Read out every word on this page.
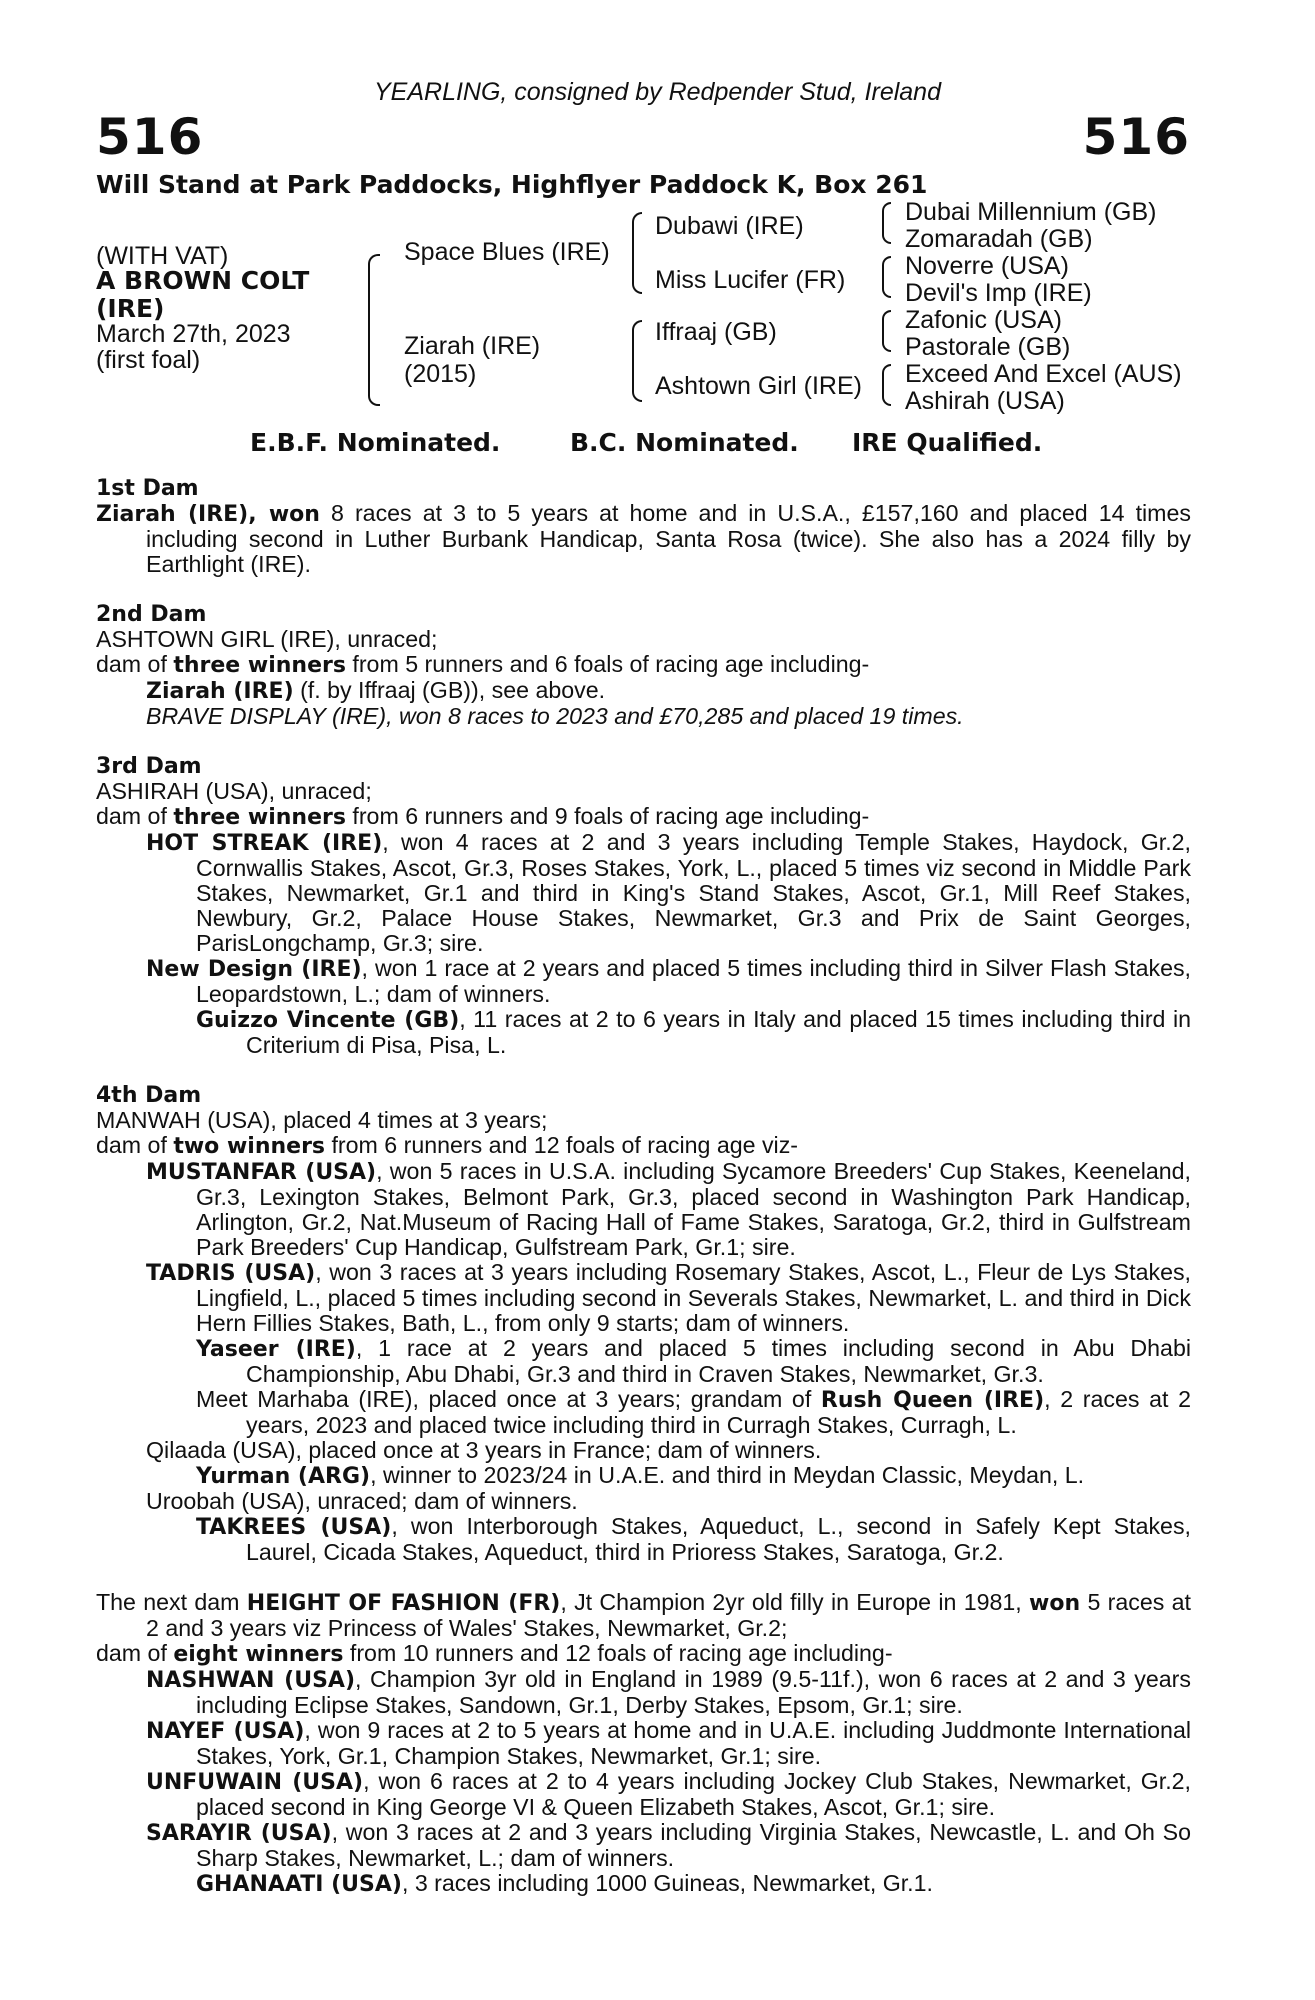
YEARLING, consigned by Redpender Stud, Ireland
516	516
Will Stand at Park Paddocks, Highflyer Paddock K, Box 261
(WITH VAT)
A BROWN COLT
(IRE)
March 27th, 2023
(first foal)
Space Blues (IRE)
Ziarah (IRE)
(2015)
Dubawi (IRE)
Miss Lucifer (FR)
Iffraaj (GB)
Ashtown Girl (IRE)
Dubai Millennium (GB)
Zomaradah (GB)
Noverre (USA)
Devil's Imp (IRE)
Zafonic (USA)
Pastorale (GB)
Exceed And Excel (AUS)
Ashirah (USA)
E.B.F. Nominated.	B.C. Nominated. IRE Qualified.
1st Dam

Ziarah (IRE), won 8 races at 3 to 5 years at home and in U.S.A., £157,160 and placed 14 times including second in Luther Burbank Handicap, Santa Rosa (twice). She also has a 2024 filly by Earthlight (IRE).

2nd Dam

ASHTOWN GIRL (IRE), unraced;

dam of three winners from 5 runners and 6 foals of racing age including-

Ziarah (IRE) (f. by Iffraaj (GB)), see above.

BRAVE DISPLAY (IRE), won 8 races to 2023 and £70,285 and placed 19 times.

3rd Dam

ASHIRAH (USA), unraced;

dam of three winners from 6 runners and 9 foals of racing age including-

HOT STREAK (IRE), won 4 races at 2 and 3 years including Temple Stakes, Haydock, Gr.2, Cornwallis Stakes, Ascot, Gr.3, Roses Stakes, York, L., placed 5 times viz second in Middle Park Stakes, Newmarket, Gr.1 and third in King's Stand Stakes, Ascot, Gr.1, Mill Reef Stakes, Newbury, Gr.2, Palace House Stakes, Newmarket, Gr.3 and Prix de Saint Georges, ParisLongchamp, Gr.3; sire.

New Design (IRE), won 1 race at 2 years and placed 5 times including third in Silver Flash Stakes, Leopardstown, L.; dam of winners.

Guizzo Vincente (GB), 11 races at 2 to 6 years in Italy and placed 15 times including third in Criterium di Pisa, Pisa, L.

4th Dam

MANWAH (USA), placed 4 times at 3 years;

dam of two winners from 6 runners and 12 foals of racing age viz-

MUSTANFAR (USA), won 5 races in U.S.A. including Sycamore Breeders' Cup Stakes, Keeneland, Gr.3, Lexington Stakes, Belmont Park, Gr.3, placed second in Washington Park Handicap, Arlington, Gr.2, Nat.Museum of Racing Hall of Fame Stakes, Saratoga, Gr.2, third in Gulfstream Park Breeders' Cup Handicap, Gulfstream Park, Gr.1; sire.

TADRIS (USA), won 3 races at 3 years including Rosemary Stakes, Ascot, L., Fleur de Lys Stakes, Lingfield, L., placed 5 times including second in Severals Stakes, Newmarket, L. and third in Dick Hern Fillies Stakes, Bath, L., from only 9 starts; dam of winners.

Yaseer (IRE), 1 race at 2 years and placed 5 times including second in Abu Dhabi Championship, Abu Dhabi, Gr.3 and third in Craven Stakes, Newmarket, Gr.3.

Meet Marhaba (IRE), placed once at 3 years; grandam of Rush Queen (IRE), 2 races at 2 years, 2023 and placed twice including third in Curragh Stakes, Curragh, L.

Qilaada (USA), placed once at 3 years in France; dam of winners.

Yurman (ARG), winner to 2023/24 in U.A.E. and third in Meydan Classic, Meydan, L.

Uroobah (USA), unraced; dam of winners.

TAKREES (USA), won Interborough Stakes, Aqueduct, L., second in Safely Kept Stakes, Laurel, Cicada Stakes, Aqueduct, third in Prioress Stakes, Saratoga, Gr.2.

The next dam HEIGHT OF FASHION (FR), Jt Champion 2yr old filly in Europe in 1981, won 5 races at 2 and 3 years viz Princess of Wales' Stakes, Newmarket, Gr.2;

dam of eight winners from 10 runners and 12 foals of racing age including-

NASHWAN (USA), Champion 3yr old in England in 1989 (9.5-11f.), won 6 races at 2 and 3 years including Eclipse Stakes, Sandown, Gr.1, Derby Stakes, Epsom, Gr.1; sire.

NAYEF (USA), won 9 races at 2 to 5 years at home and in U.A.E. including Juddmonte International Stakes, York, Gr.1, Champion Stakes, Newmarket, Gr.1; sire.

UNFUWAIN (USA), won 6 races at 2 to 4 years including Jockey Club Stakes, Newmarket, Gr.2, placed second in King George VI & Queen Elizabeth Stakes, Ascot, Gr.1; sire.

SARAYIR (USA), won 3 races at 2 and 3 years including Virginia Stakes, Newcastle, L. and Oh So Sharp Stakes, Newmarket, L.; dam of winners.

GHANAATI (USA), 3 races including 1000 Guineas, Newmarket, Gr.1.
